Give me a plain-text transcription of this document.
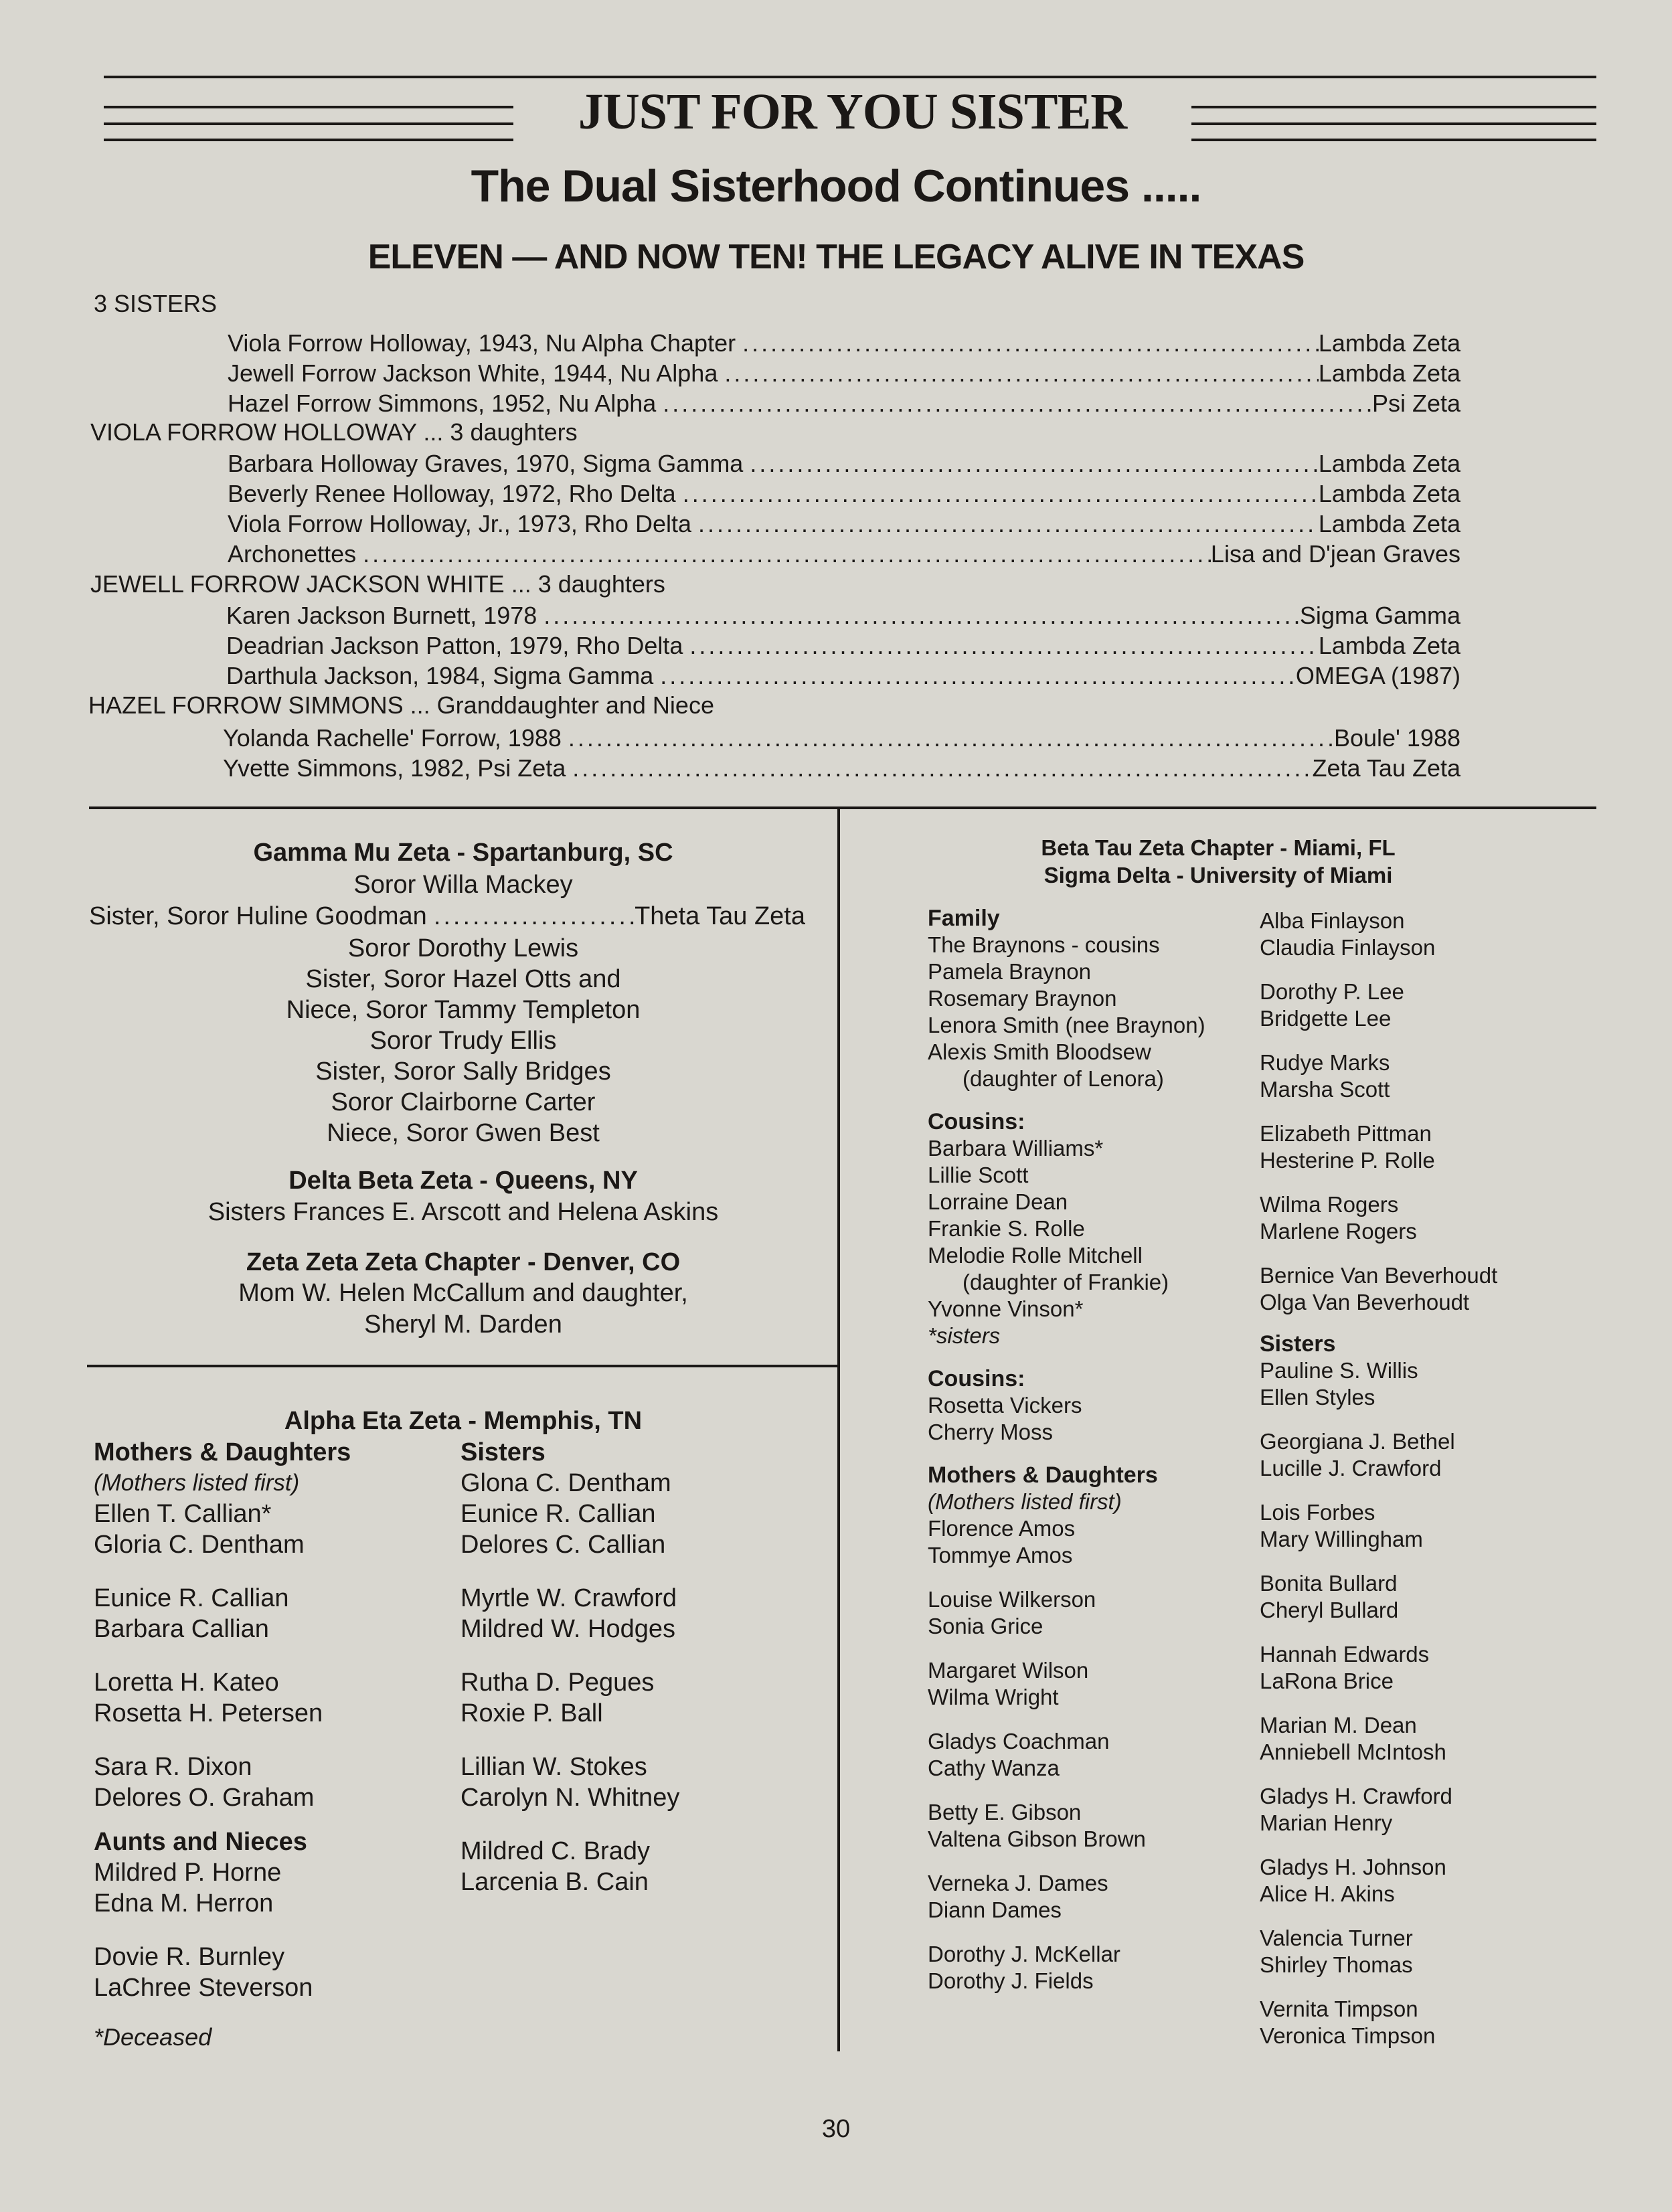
JUST FOR YOU SISTER
The Dual Sisterhood Continues .....
ELEVEN — AND NOW TEN! THE LEGACY ALIVE IN TEXAS
3 SISTERS
Viola Forrow Holloway, 1943, Nu Alpha Chapter .....	Lambda Zeta
Jewell Forrow Jackson White, 1944, Nu Alpha .....	Lambda Zeta
Hazel Forrow Simmons, 1952, Nu Alpha .....	Psi Zeta
VIOLA FORROW HOLLOWAY ... 3 daughters
Barbara Holloway Graves, 1970, Sigma Gamma .....	Lambda Zeta
Beverly Renee Holloway, 1972, Rho Delta .....	Lambda Zeta
Viola Forrow Holloway, Jr., 1973, Rho Delta .....	Lambda Zeta
Archonettes .....	Lisa and D'jean Graves
JEWELL FORROW JACKSON WHITE ... 3 daughters
Karen Jackson Burnett, 1978 .....	Sigma Gamma
Deadrian Jackson Patton, 1979, Rho Delta .....	Lambda Zeta
Darthula Jackson, 1984, Sigma Gamma .....	OMEGA (1987)
HAZEL FORROW SIMMONS ... Granddaughter and Niece
Yolanda Rachelle' Forrow, 1988 .....	Boule' 1988
Yvette Simmons, 1982, Psi Zeta .....	Zeta Tau Zeta
Gamma Mu Zeta - Spartanburg, SC
Soror Willa Mackey
Sister, Soror Huline Goodman .....	Theta Tau Zeta
Soror Dorothy Lewis
Sister, Soror Hazel Otts and
Niece, Soror Tammy Templeton
Soror Trudy Ellis
Sister, Soror Sally Bridges
Soror Clairborne Carter
Niece, Soror Gwen Best
Delta Beta Zeta - Queens, NY
Sisters Frances E. Arscott and Helena Askins
Zeta Zeta Zeta Chapter - Denver, CO
Mom W. Helen McCallum and daughter,
Sheryl M. Darden
Alpha Eta Zeta - Memphis, TN
Mothers & Daughters
(Mothers listed first)
Ellen T. Callian*
Gloria C. Dentham
Eunice R. Callian
Barbara Callian
Loretta H. Kateo
Rosetta H. Petersen
Sara R. Dixon
Delores O. Graham
Aunts and Nieces
Mildred P. Horne
Edna M. Herron
Dovie R. Burnley
LaChree Steverson
*Deceased
Sisters
Glona C. Dentham
Eunice R. Callian
Delores C. Callian
Myrtle W. Crawford
Mildred W. Hodges
Rutha D. Pegues
Roxie P. Ball
Lillian W. Stokes
Carolyn N. Whitney
Mildred C. Brady
Larcenia B. Cain
Beta Tau Zeta Chapter - Miami, FL
Sigma Delta - University of Miami
Family
The Braynons - cousins
Pamela Braynon
Rosemary Braynon
Lenora Smith (nee Braynon)
Alexis Smith Bloodsew
(daughter of Lenora)
Cousins:
Barbara Williams*
Lillie Scott
Lorraine Dean
Frankie S. Rolle
Melodie Rolle Mitchell
(daughter of Frankie)
Yvonne Vinson*
*sisters
Cousins:
Rosetta Vickers
Cherry Moss
Mothers & Daughters
(Mothers listed first)
Florence Amos
Tommye Amos
Louise Wilkerson
Sonia Grice
Margaret Wilson
Wilma Wright
Gladys Coachman
Cathy Wanza
Betty E. Gibson
Valtena Gibson Brown
Verneka J. Dames
Diann Dames
Dorothy J. McKellar
Dorothy J. Fields
Alba Finlayson
Claudia Finlayson
Dorothy P. Lee
Bridgette Lee
Rudye Marks
Marsha Scott
Elizabeth Pittman
Hesterine P. Rolle
Wilma Rogers
Marlene Rogers
Bernice Van Beverhoudt
Olga Van Beverhoudt
Sisters
Pauline S. Willis
Ellen Styles
Georgiana J. Bethel
Lucille J. Crawford
Lois Forbes
Mary Willingham
Bonita Bullard
Cheryl Bullard
Hannah Edwards
LaRona Brice
Marian M. Dean
Anniebell McIntosh
Gladys H. Crawford
Marian Henry
Gladys H. Johnson
Alice H. Akins
Valencia Turner
Shirley Thomas
Vernita Timpson
Veronica Timpson
30
